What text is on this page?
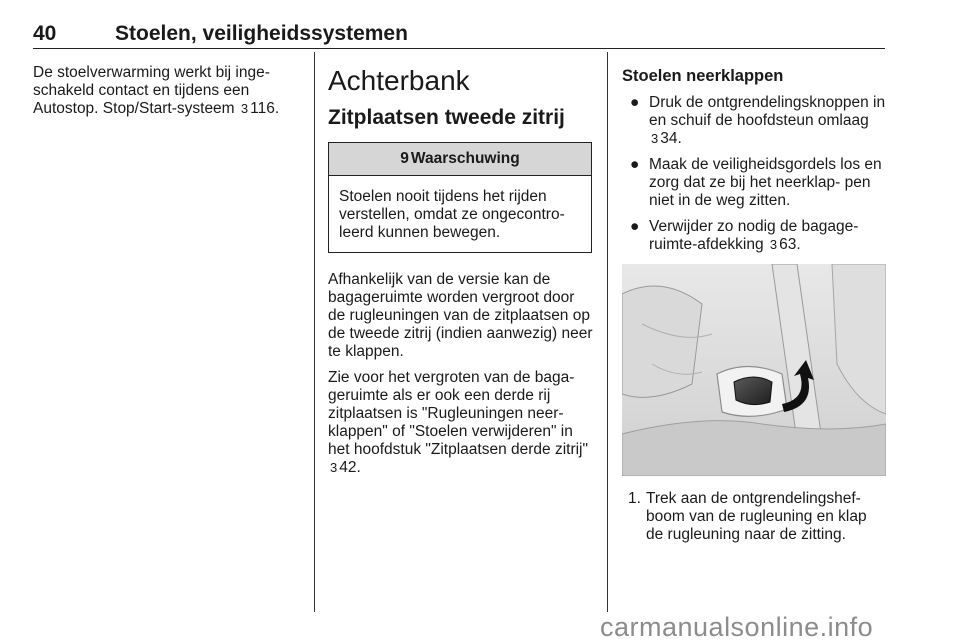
40	Stoelen, veiligheidssystemen

De stoelverwarming werkt bij inge- schakeld contact en tijdens een Autostop. Stop/Start-systeem 3 116.

Achterbank
Zitplaatsen tweede zitrij
9 Waarschuwing
Stoelen nooit tijdens het rijden verstellen, omdat ze ongecontro- leerd kunnen bewegen.

Afhankelijk van de versie kan de bagageruimte worden vergroot door de rugleuningen van de zitplaatsen op de tweede zitrij (indien aanwezig) neer te klappen.

Zie voor het vergroten van de baga- geruimte als er ook een derde rij zitplaatsen is "Rugleuningen neer- klappen" of "Stoelen verwijderen" in het hoofdstuk "Zitplaatsen derde zitrij" 3 42.

Stoelen neerklappen
● Druk de ontgrendelingsknoppen in en schuif de hoofdsteun omlaag 3 34.
● Maak de veiligheidsgordels los en zorg dat ze bij het neerklap- pen niet in de weg zitten.
● Verwijder zo nodig de bagage- ruimte-afdekking 3 63.
1. Trek aan de ontgrendelingshef- boom van de rugleuning en klap de rugleuning naar de zitting.
carmanualsonline.info
